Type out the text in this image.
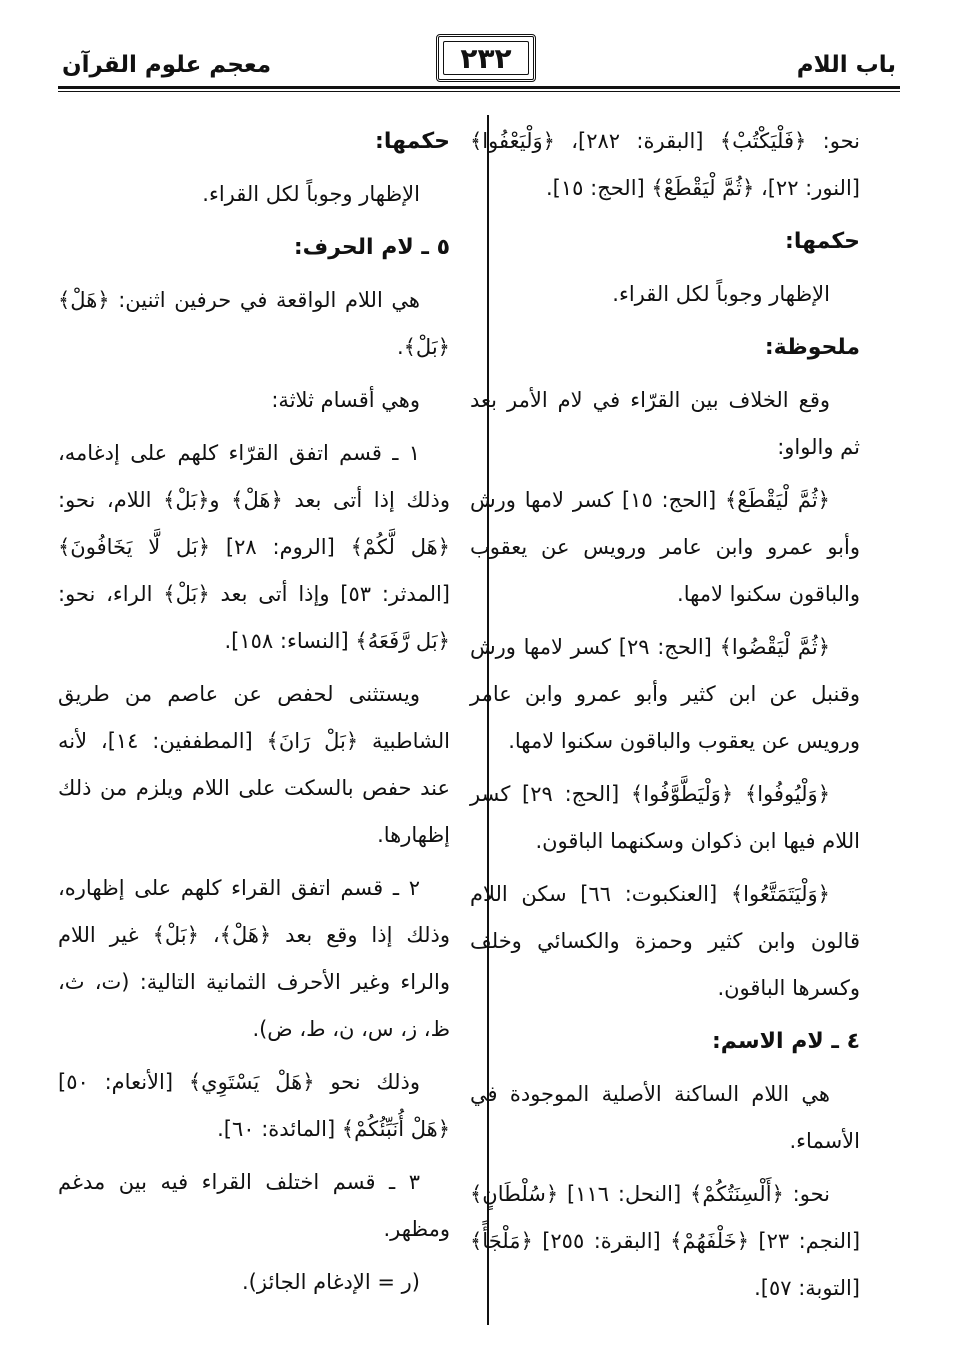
باب اللام
٢٣٢
معجم علوم القرآن

نحو: ﴿فَلْيَكْتُبْ﴾ [البقرة: ٢٨٢]، ﴿وَلْيَعْفُوا﴾ [النور: ٢٢]، ﴿ثُمَّ لْيَقْطَعْ﴾ [الحج: ١٥].

حكمها:

الإظهار وجوباً لكل القراء.

ملحوظة:

وقع الخلاف بين القرّاء في لام الأمر بعد ثم والواو:

﴿ثُمَّ لْيَقْطَعْ﴾ [الحج: ١٥] كسر لامها ورش وأبو عمرو وابن عامر ورويس عن يعقوب والباقون سكنوا لامها.

﴿ثُمَّ لْيَقْضُوا﴾ [الحج: ٢٩] كسر لامها ورش وقنبل عن ابن كثير وأبو عمرو وابن عامر ورويس عن يعقوب والباقون سكنوا لامها.

﴿وَلْيُوفُوا﴾ ﴿وَلْيَطَّوَّفُوا﴾ [الحج: ٢٩] كسر اللام فيها ابن ذكوان وسكنهما الباقون.

﴿وَلْيَتَمَتَّعُوا﴾ [العنكبوت: ٦٦] سكن اللام قالون وابن كثير وحمزة والكسائي وخلف وكسرها الباقون.

٤ ـ لام الاسم:

هي اللام الساكنة الأصلية الموجودة في الأسماء.

نحو: ﴿أَلْسِنَتُكُمْ﴾ [النحل: ١١٦] ﴿سُلْطَانٍ﴾ [النجم: ٢٣] ﴿خَلْفَهُمْ﴾ [البقرة: ٢٥٥] ﴿مَلْجَأً﴾ [التوبة: ٥٧].

حكمها:

الإظهار وجوباً لكل القراء.

٥ ـ لام الحرف:

هي اللام الواقعة في حرفين اثنين: ﴿هَلْ﴾ ﴿بَلْ﴾.

وهي أقسام ثلاثة:

١ ـ قسم اتفق القرّاء كلهم على إدغامه، وذلك إذا أتى بعد ﴿هَلْ﴾ و﴿بَلْ﴾ اللام، نحو: ﴿هَل لَّكُمْ﴾ [الروم: ٢٨] ﴿بَل لَّا يَخَافُونَ﴾ [المدثر: ٥٣] وإذا أتى بعد ﴿بَلْ﴾ الراء، نحو: ﴿بَل رَّفَعَهُ﴾ [النساء: ١٥٨].

ويستثنى لحفص عن عاصم من طريق الشاطبية ﴿بَلْ رَانَ﴾ [المطففين: ١٤]، لأنه عند حفص بالسكت على اللام ويلزم من ذلك إظهارها.

٢ ـ قسم اتفق القراء كلهم على إظهاره، وذلك إذا وقع بعد ﴿هَلْ﴾، ﴿بَلْ﴾ غير اللام والراء وغير الأحرف الثمانية التالية: (ت، ث، ظ، ز، س، ن، ط، ض).

وذلك نحو ﴿هَلْ يَسْتَوِي﴾ [الأنعام: ٥٠] ﴿هَلْ أُنَبِّئُكُمْ﴾ [المائدة: ٦٠].

٣ ـ قسم اختلف القراء فيه بين مدغم ومظهر.

(ر = الإدغام الجائز).
